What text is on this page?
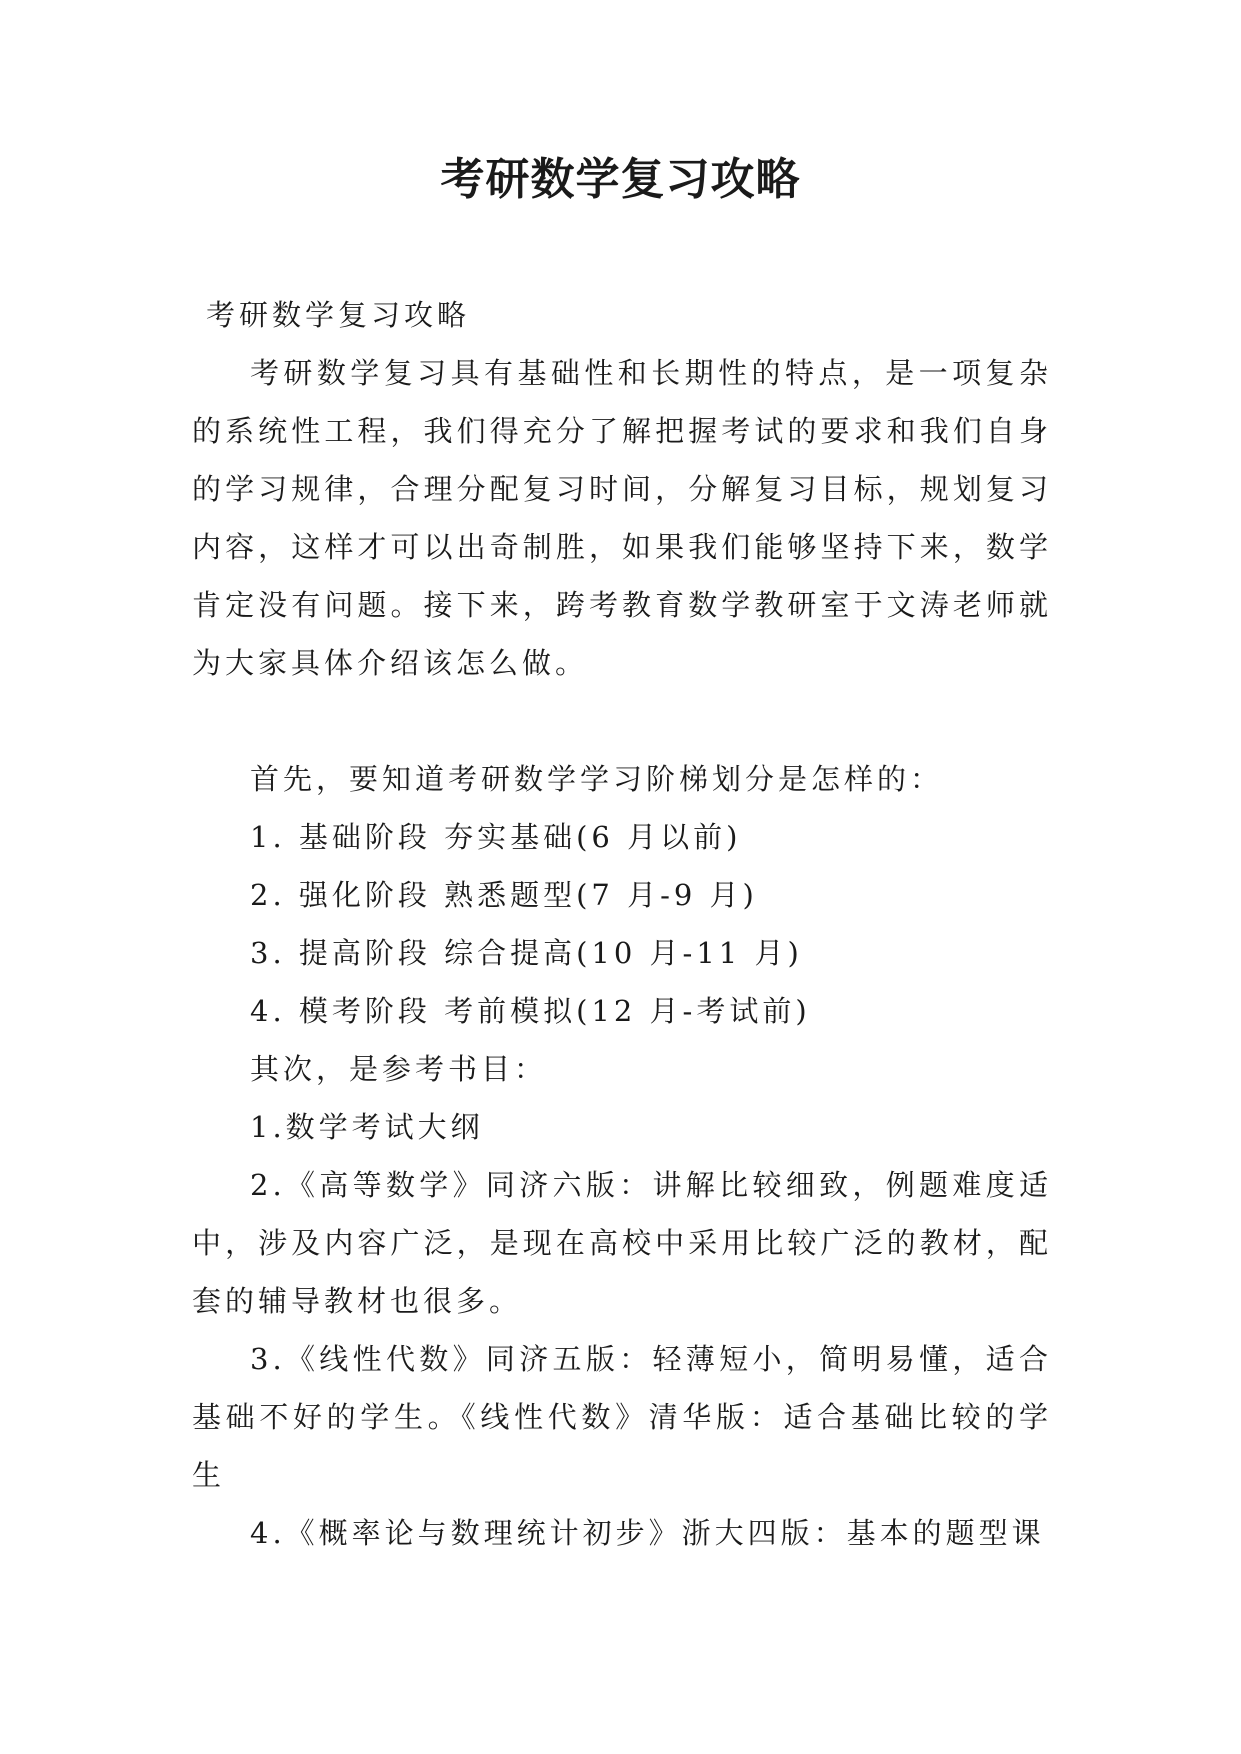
考研数学复习攻略

考研数学复习攻略

考研数学复习具有基础性和长期性的特点，是一项复杂的系统性工程，我们得充分了解把握考试的要求和我们自身的学习规律，合理分配复习时间，分解复习目标，规划复习内容，这样才可以出奇制胜，如果我们能够坚持下来，数学肯定没有问题。接下来，跨考教育数学教研室于文涛老师就为大家具体介绍该怎么做。

首先，要知道考研数学学习阶梯划分是怎样的：

1. 基础阶段 夯实基础(6 月以前)

2. 强化阶段 熟悉题型(7 月-9 月)

3. 提高阶段 综合提高(10 月-11 月)

4. 模考阶段 考前模拟(12 月-考试前)

其次，是参考书目：

1.数学考试大纲

2.《高等数学》同济六版：讲解比较细致，例题难度适中，涉及内容广泛，是现在高校中采用比较广泛的教材，配套的辅导教材也很多。

3.《线性代数》同济五版：轻薄短小，简明易懂，适合基础不好的学生。《线性代数》清华版：适合基础比较的学生

4.《概率论与数理统计初步》浙大四版：基本的题型课
